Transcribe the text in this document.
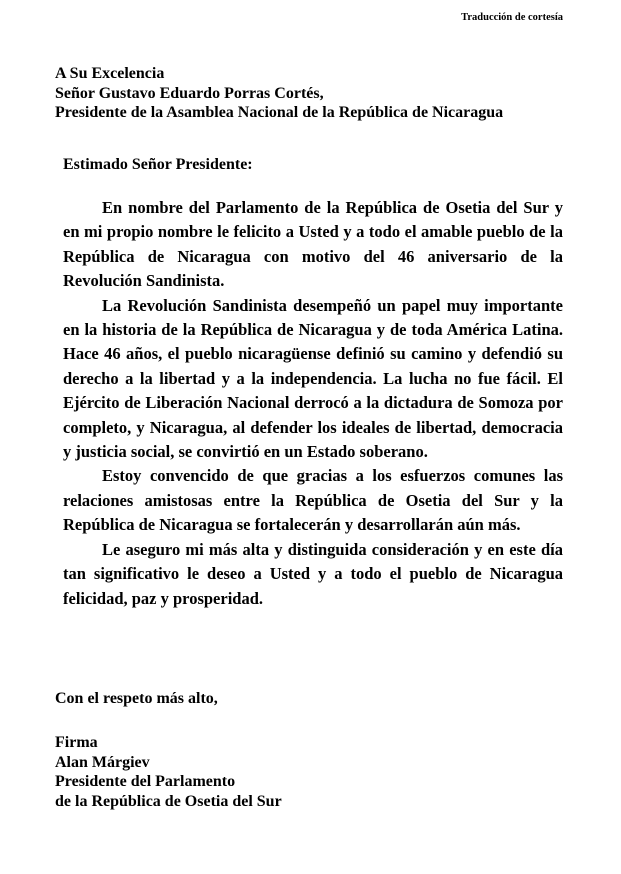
Traducción de cortesía
A Su Excelencia
Señor Gustavo Eduardo Porras Cortés,
Presidente de la Asamblea Nacional de la República de Nicaragua
Estimado Señor Presidente:

En nombre del Parlamento de la República de Osetia del Sur y en mi propio nombre le felicito a Usted y a todo el amable pueblo de la República de Nicaragua con motivo del 46 aniversario de la Revolución Sandinista.

La Revolución Sandinista desempeñó un papel muy importante en la historia de la República de Nicaragua y de toda América Latina. Hace 46 años, el pueblo nicaragüense definió su camino y defendió su derecho a la libertad y a la independencia. La lucha no fue fácil. El Ejército de Liberación Nacional derrocó a la dictadura de Somoza por completo, y Nicaragua, al defender los ideales de libertad, democracia y justicia social, se convirtió en un Estado soberano.

Estoy convencido de que gracias a los esfuerzos comunes las relaciones amistosas entre la República de Osetia del Sur y la República de Nicaragua se fortalecerán y desarrollarán aún más.

Le aseguro mi más alta y distinguida consideración y en este día tan significativo le deseo a Usted y a todo el pueblo de Nicaragua felicidad, paz y prosperidad.

Con el respeto más alto,
Firma
Alan Márgiev
Presidente del Parlamento
de la República de Osetia del Sur
